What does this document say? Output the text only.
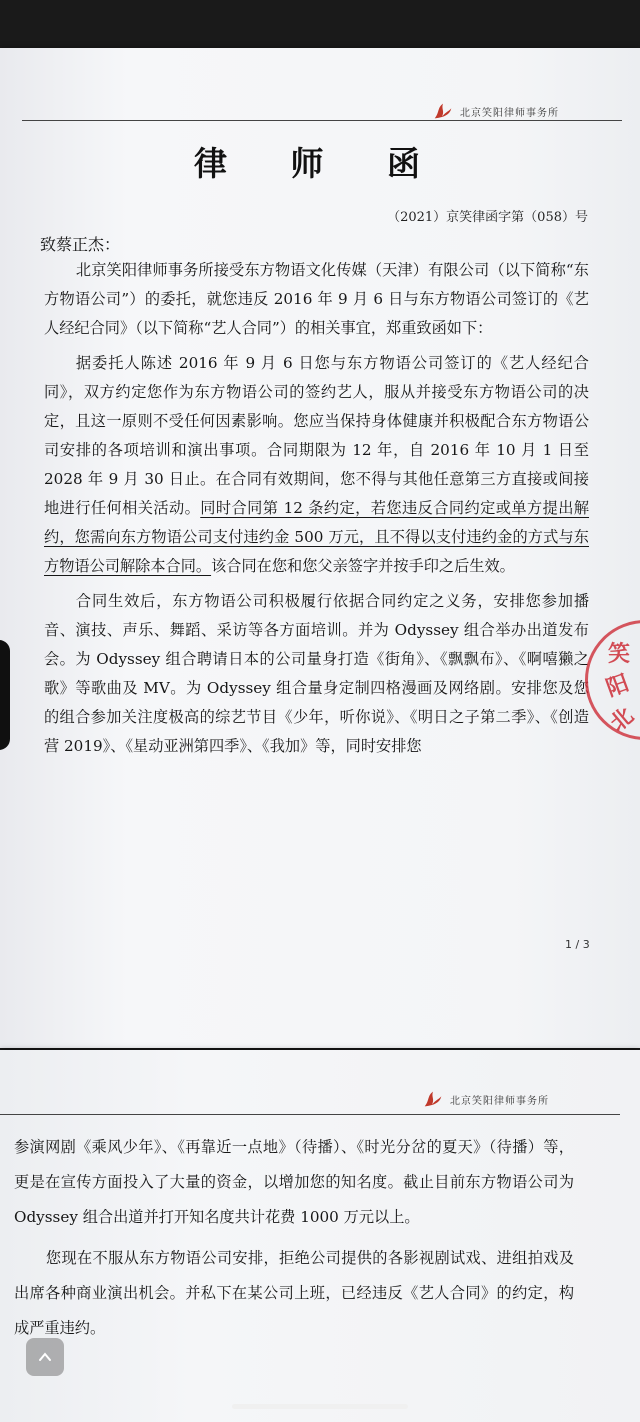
北京笑阳律师事务所
律 师 函
（2021）京笑律函字第（058）号
致蔡正杰：

北京笑阳律师事务所接受东方物语文化传媒（天津）有限公司（以下简称“东方物语公司”）的委托，就您违反 2016 年 9 月 6 日与东方物语公司签订的《艺人经纪合同》（以下简称“艺人合同”）的相关事宜，郑重致函如下：

据委托人陈述 2016 年 9 月 6 日您与东方物语公司签订的《艺人经纪合同》，双方约定您作为东方物语公司的签约艺人，服从并接受东方物语公司的决定，且这一原则不受任何因素影响。您应当保持身体健康并积极配合东方物语公司安排的各项培训和演出事项。合同期限为 12 年，自 2016 年 10 月 1 日至 2028 年 9 月 30 日止。在合同有效期间，您不得与其他任意第三方直接或间接地进行任何相关活动。同时合同第 12 条约定，若您违反合同约定或单方提出解约，您需向东方物语公司支付违约金 500 万元，且不得以支付违约金的方式与东方物语公司解除本合同。该合同在您和您父亲签字并按手印之后生效。

合同生效后，东方物语公司积极履行依据合同约定之义务，安排您参加播音、演技、声乐、舞蹈、采访等各方面培训。并为 Odyssey 组合举办出道发布会。为 Odyssey 组合聘请日本的公司量身打造《街角》、《飘飘布》、《啊嘻獭之歌》等歌曲及 MV。为 Odyssey 组合量身定制四格漫画及网络剧。安排您及您的组合参加关注度极高的综艺节目《少年，听你说》、《明日之子第二季》、《创造营 2019》、《星动亚洲第四季》、《我加》等，同时安排您

1 / 3
笑
阳
北
北京笑阳律师事务所

参演网剧《乘风少年》、《再靠近一点地》（待播）、《时光分岔的夏天》（待播）等，更是在宣传方面投入了大量的资金，以增加您的知名度。截止目前东方物语公司为 Odyssey 组合出道并打开知名度共计花费 1000 万元以上。

您现在不服从东方物语公司安排，拒绝公司提供的各影视剧试戏、进组拍戏及出席各种商业演出机会。并私下在某公司上班，已经违反《艺人合同》的约定，构成严重违约。
